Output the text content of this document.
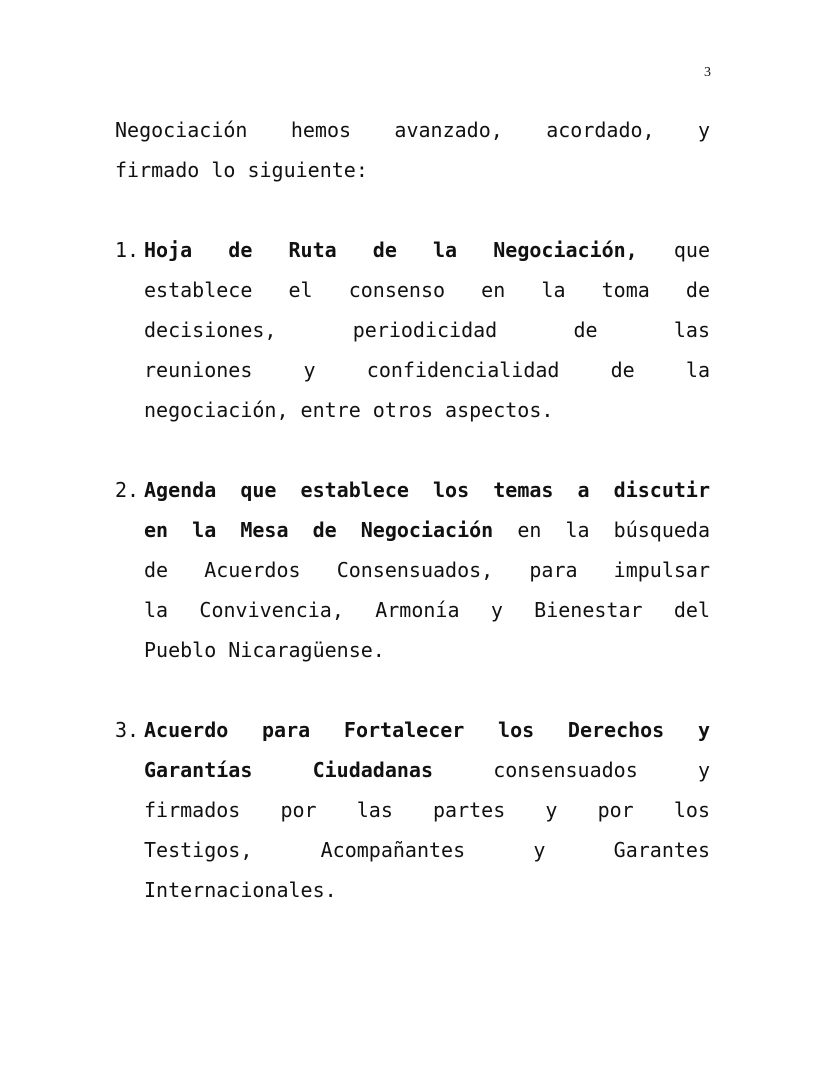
3
Negociación hemos avanzado, acordado, y
firmado lo siguiente:
1. Hoja de Ruta de la Negociación, que
establece el consenso en la toma de
decisiones, periodicidad de las
reuniones y confidencialidad de la
negociación, entre otros aspectos.
2. Agenda que establece los temas a discutir
en la Mesa de Negociación en la búsqueda
de Acuerdos Consensuados, para impulsar
la Convivencia, Armonía y Bienestar del
Pueblo Nicaragüense.
3. Acuerdo para Fortalecer los Derechos y
Garantías Ciudadanas consensuados y
firmados por las partes y por los
Testigos, Acompañantes y Garantes
Internacionales.
